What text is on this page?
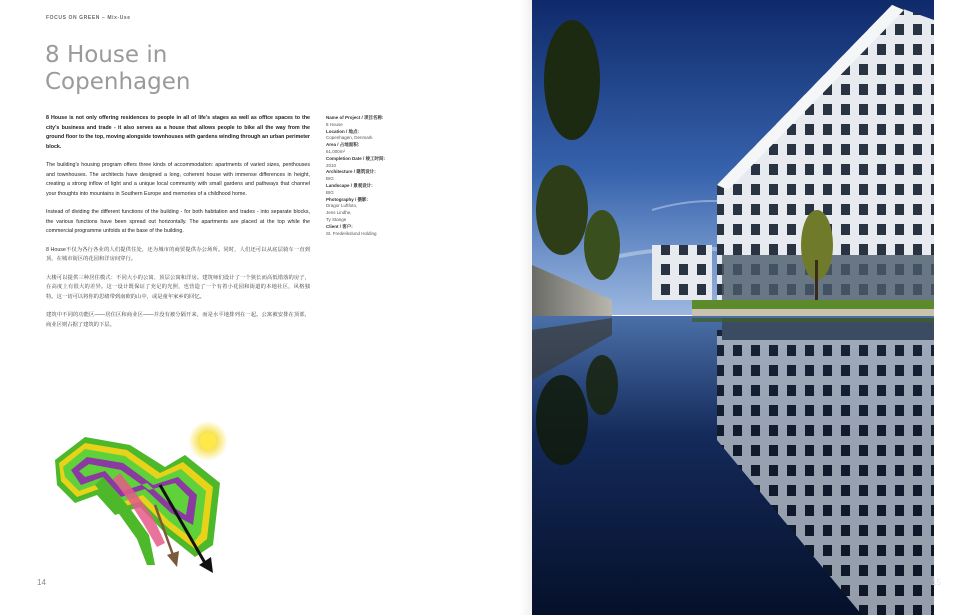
FOCUS ON GREEN – Mix-Use
8 House in
Copenhagen

8 House is not only offering residences to people in all of life's stages as well as office spaces to the city's business and trade - it also serves as a house that allows people to bike all the way from the ground floor to the top, moving alongside townhouses with gardens winding through an urban perimeter block.

The building's housing program offers three kinds of accommodation: apartments of varied sizes, penthouses and townhouses. The architects have designed a long, coherent house with immense differences in height, creating a strong inflow of light and a unique local community with small gardens and pathways that channel your thoughts into mountains in Southern Europe and memories of a childhood home.

Instead of dividing the different functions of the building - for both habitation and trades - into separate blocks, the various functions have been spread out horizontally. The apartments are placed at the top while the commercial programme unfolds at the base of the building.

8 House不仅为各行各业的人们提供住处，还为城市的商贸提供办公场所。同时，人们还可以从底层骑车一直到顶，在城市街区的花园和洋房间穿行。

大楼可以提供三种居住模式：不同大小的公寓、顶层公寓和洋房。建筑师们设计了一个狭长而高低错落的房子，在高度上有很大的差异。这一设计既保证了充足的光照，也营造了一个有着小花园和街道的本地社区，风格独特。这一切可以将你的思绪带到南欧的山中，或是童年家乡的回忆。

建筑中不同的功能区——居住区和商业区——并没有被分隔开来，而是水平地排列在一起。公寓被安排在顶部，商业区则占据了建筑的下层。

Name of Project / 项目名称:
8 House
Location / 地点:
Copenhagen, Denmark
Area / 占地面积:
61,000m²
Completion Date / 竣工时间:
2010
Architecture / 建筑设计:
BIG
Landscape / 景观设计:
BIG
Photography / 摄影:
Dragor Luftfoto,
Jens Lindhe,
Ty Stange
Client / 客户:
St. Frederikslund Holding
14	15
